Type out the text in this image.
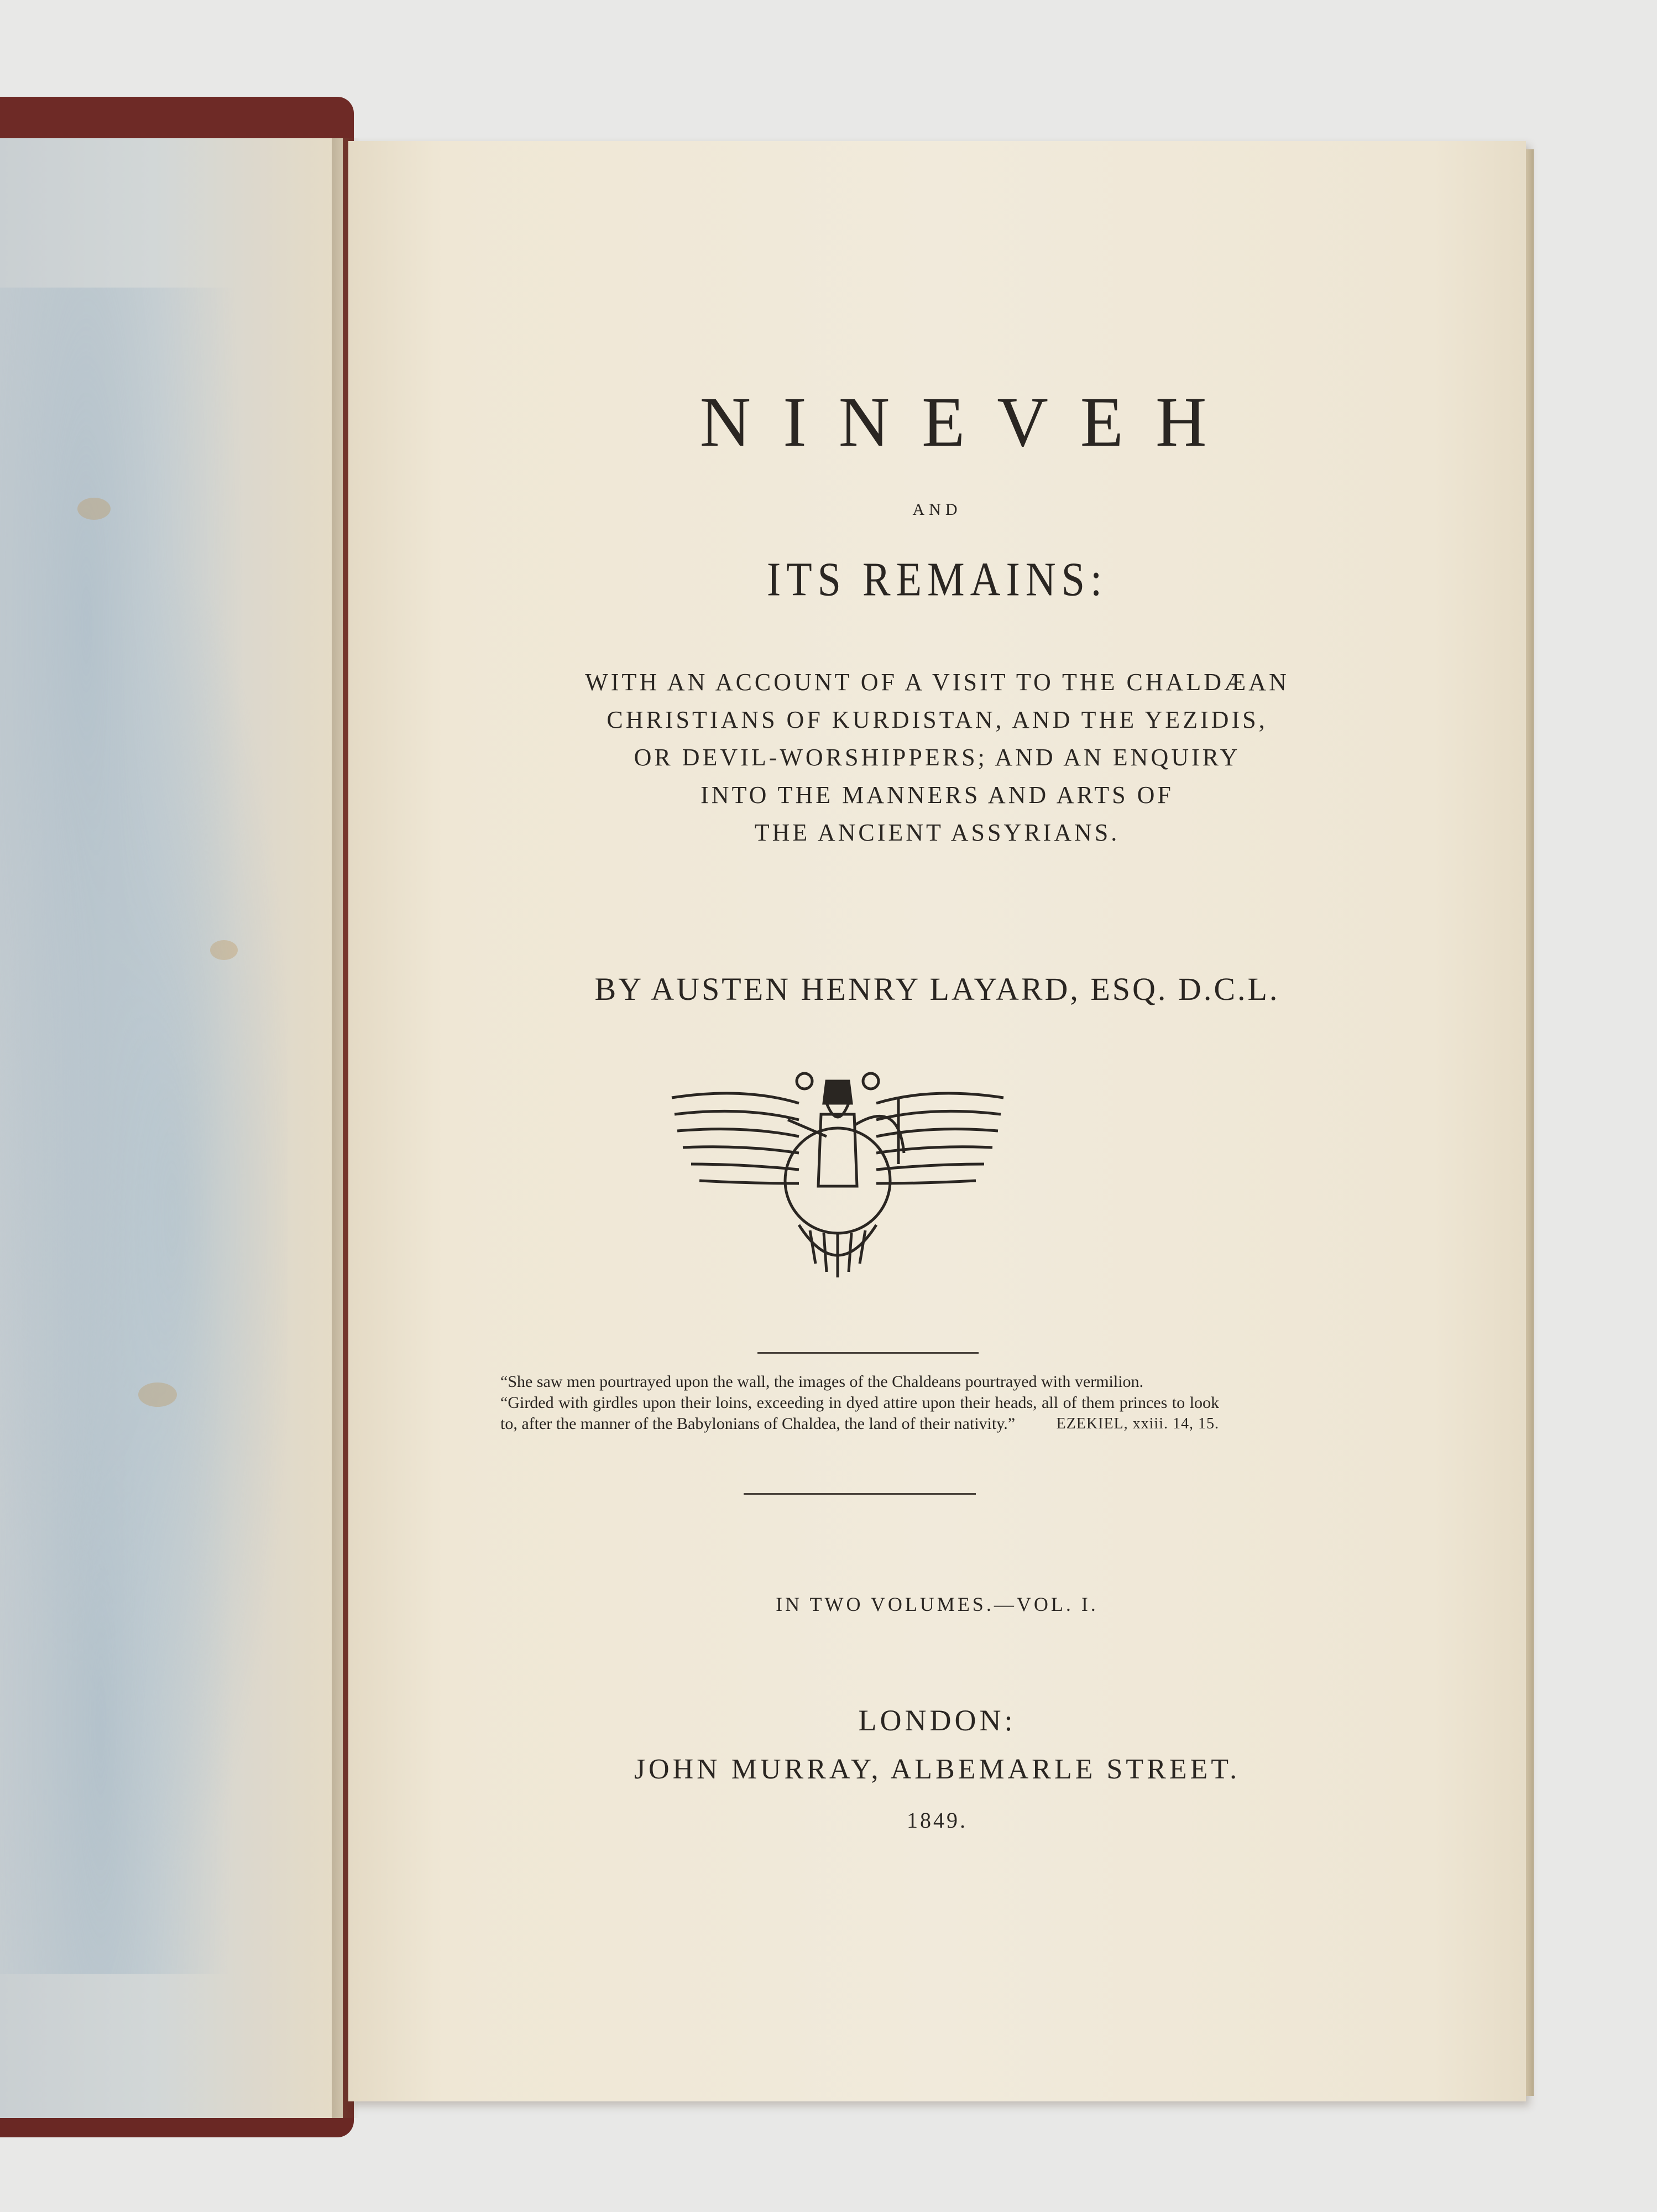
NINEVEH
AND
ITS REMAINS:
WITH AN ACCOUNT OF A VISIT TO THE CHALDÆAN
CHRISTIANS OF KURDISTAN, AND THE YEZIDIS,
OR DEVIL-WORSHIPPERS; AND AN ENQUIRY
INTO THE MANNERS AND ARTS OF
THE ANCIENT ASSYRIANS.
BY AUSTEN HENRY LAYARD, ESQ. D.C.L.
“She saw men pourtrayed upon the wall, the images of the Chaldeans pourtrayed with vermilion.
“Girded with girdles upon their loins, exceeding in dyed attire upon their heads, all of them princes to look to, after the manner of the Babylonians of Chaldea, the land of their nativity.”	EZEKIEL, xxiii. 14, 15.
IN TWO VOLUMES.—VOL. I.
LONDON:
JOHN MURRAY, ALBEMARLE STREET.
1849.
